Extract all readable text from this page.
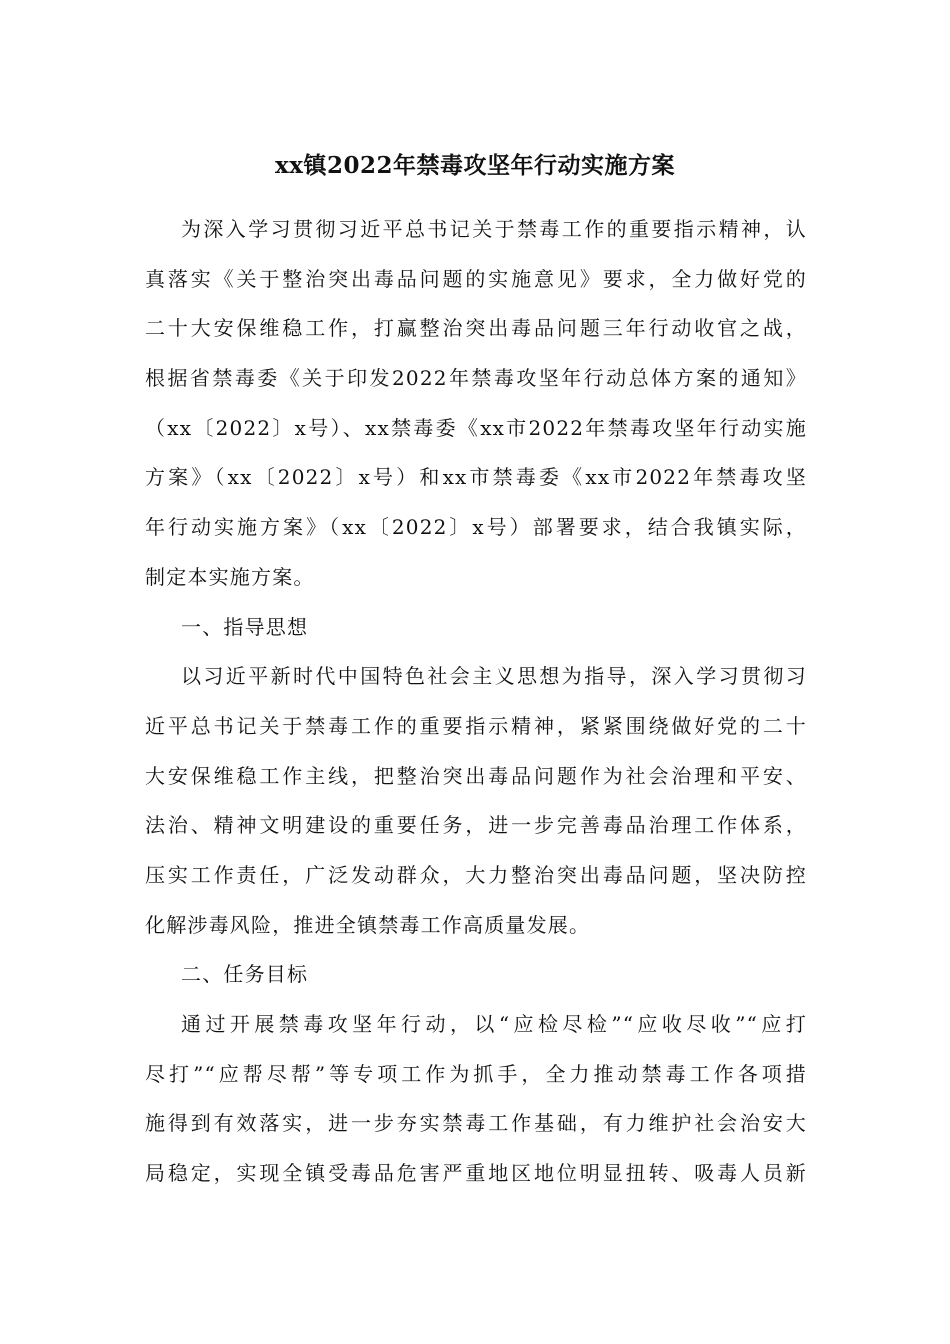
xx镇2022年禁毒攻坚年行动实施方案
为深入学习贯彻习近平总书记关于禁毒工作的重要指示精神，认
真落实《关于整治突出毒品问题的实施意见》要求，全力做好党的
二十大安保维稳工作，打赢整治突出毒品问题三年行动收官之战，
根据省禁毒委《关于印发2022年禁毒攻坚年行动总体方案的通知》
（xx〔2022〕x号）、xx禁毒委《xx市2022年禁毒攻坚年行动实施
方案》（xx〔2022〕x号）和xx市禁毒委《xx市2022年禁毒攻坚
年行动实施方案》（xx〔2022〕x号）部署要求，结合我镇实际，
制定本实施方案。
一、指导思想
以习近平新时代中国特色社会主义思想为指导，深入学习贯彻习
近平总书记关于禁毒工作的重要指示精神，紧紧围绕做好党的二十
大安保维稳工作主线，把整治突出毒品问题作为社会治理和平安、
法治、精神文明建设的重要任务，进一步完善毒品治理工作体系，
压实工作责任，广泛发动群众，大力整治突出毒品问题，坚决防控
化解涉毒风险，推进全镇禁毒工作高质量发展。
二、任务目标
通过开展禁毒攻坚年行动，以“应检尽检”“应收尽收”“应打
尽打”“应帮尽帮”等专项工作为抓手，全力推动禁毒工作各项措
施得到有效落实，进一步夯实禁毒工作基础，有力维护社会治安大
局稳定，实现全镇受毒品危害严重地区地位明显扭转、吸毒人员新
